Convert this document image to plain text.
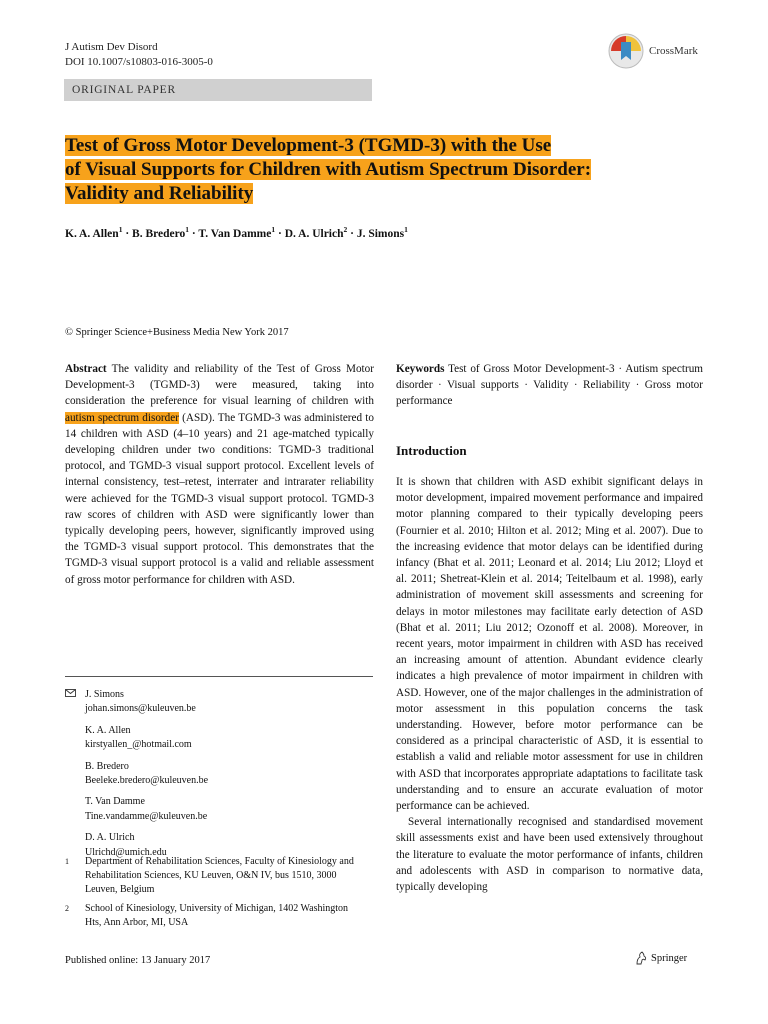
J Autism Dev Disord
DOI 10.1007/s10803-016-3005-0
CrossMark
ORIGINAL PAPER
Test of Gross Motor Development-3 (TGMD-3) with the Use
of Visual Supports for Children with Autism Spectrum Disorder:
Validity and Reliability
K. A. Allen$^1$ · B. Bredero$^1$ · T. Van Damme$^1$ · D. A. Ulrich$^2$ · J. Simons$^1$
© Springer Science+Business Media New York 2017
Abstract The validity and reliability of the Test of Gross Motor Development-3 (TGMD-3) were measured, taking into consideration the preference for visual learning of children with autism spectrum disorder (ASD). The TGMD-3 was administered to 14 children with ASD (4–10 years) and 21 age-matched typically developing children under two conditions: TGMD-3 traditional protocol, and TGMD-3 visual support protocol. Excellent levels of internal consistency, test–retest, interrater and intrarater reliability were achieved for the TGMD-3 visual support protocol. TGMD-3 raw scores of children with ASD were significantly lower than typically developing peers, however, significantly improved using the TGMD-3 visual support protocol. This demonstrates that the TGMD-3 visual support protocol is a valid and reliable assessment of gross motor performance for children with ASD.
Keywords Test of Gross Motor Development-3 · Autism spectrum disorder · Visual supports · Validity · Reliability · Gross motor performance
Introduction

It is shown that children with ASD exhibit significant delays in motor development, impaired movement performance and impaired motor planning compared to their typically developing peers (Fournier et al. 2010; Hilton et al. 2012; Ming et al. 2007). Due to the increasing evidence that motor delays can be identified during infancy (Bhat et al. 2011; Leonard et al. 2014; Liu 2012; Lloyd et al. 2011; Shetreat-Klein et al. 2014; Teitelbaum et al. 1998), early administration of movement skill assessments and screening for delays in motor milestones may facilitate early detection of ASD (Bhat et al. 2011; Liu 2012; Ozonoff et al. 2008). Moreover, in recent years, motor impairment in children with ASD has received an increasing amount of attention. Abundant evidence clearly indicates a high prevalence of motor impairment in children with ASD. However, one of the major challenges in the administration of motor assessment in this population concerns the task understanding. However, before motor performance can be considered as a principal characteristic of ASD, it is essential to establish a valid and reliable motor assessment for use in children with ASD that incorporates appropriate adaptations to facilitate task understanding and to ensure an accurate evaluation of motor performance can be achieved.

Several internationally recognised and standardised movement skill assessments exist and have been used extensively throughout the literature to evaluate the motor performance of infants, children and adolescents with ASD in comparison to normative data, typically developing

J. Simons
johan.simons@kuleuven.be
K. A. Allen
kirstyallen_@hotmail.com
B. Bredero
Beeleke.bredero@kuleuven.be
T. Van Damme
Tine.vandamme@kuleuven.be
D. A. Ulrich
Ulrichd@umich.edu
1	Department of Rehabilitation Sciences, Faculty of Kinesiology and Rehabilitation Sciences, KU Leuven, O&N IV, bus 1510, 3000 Leuven, Belgium
2	School of Kinesiology, University of Michigan, 1402 Washington Hts, Ann Arbor, MI, USA
Published online: 13 January 2017	Springer
